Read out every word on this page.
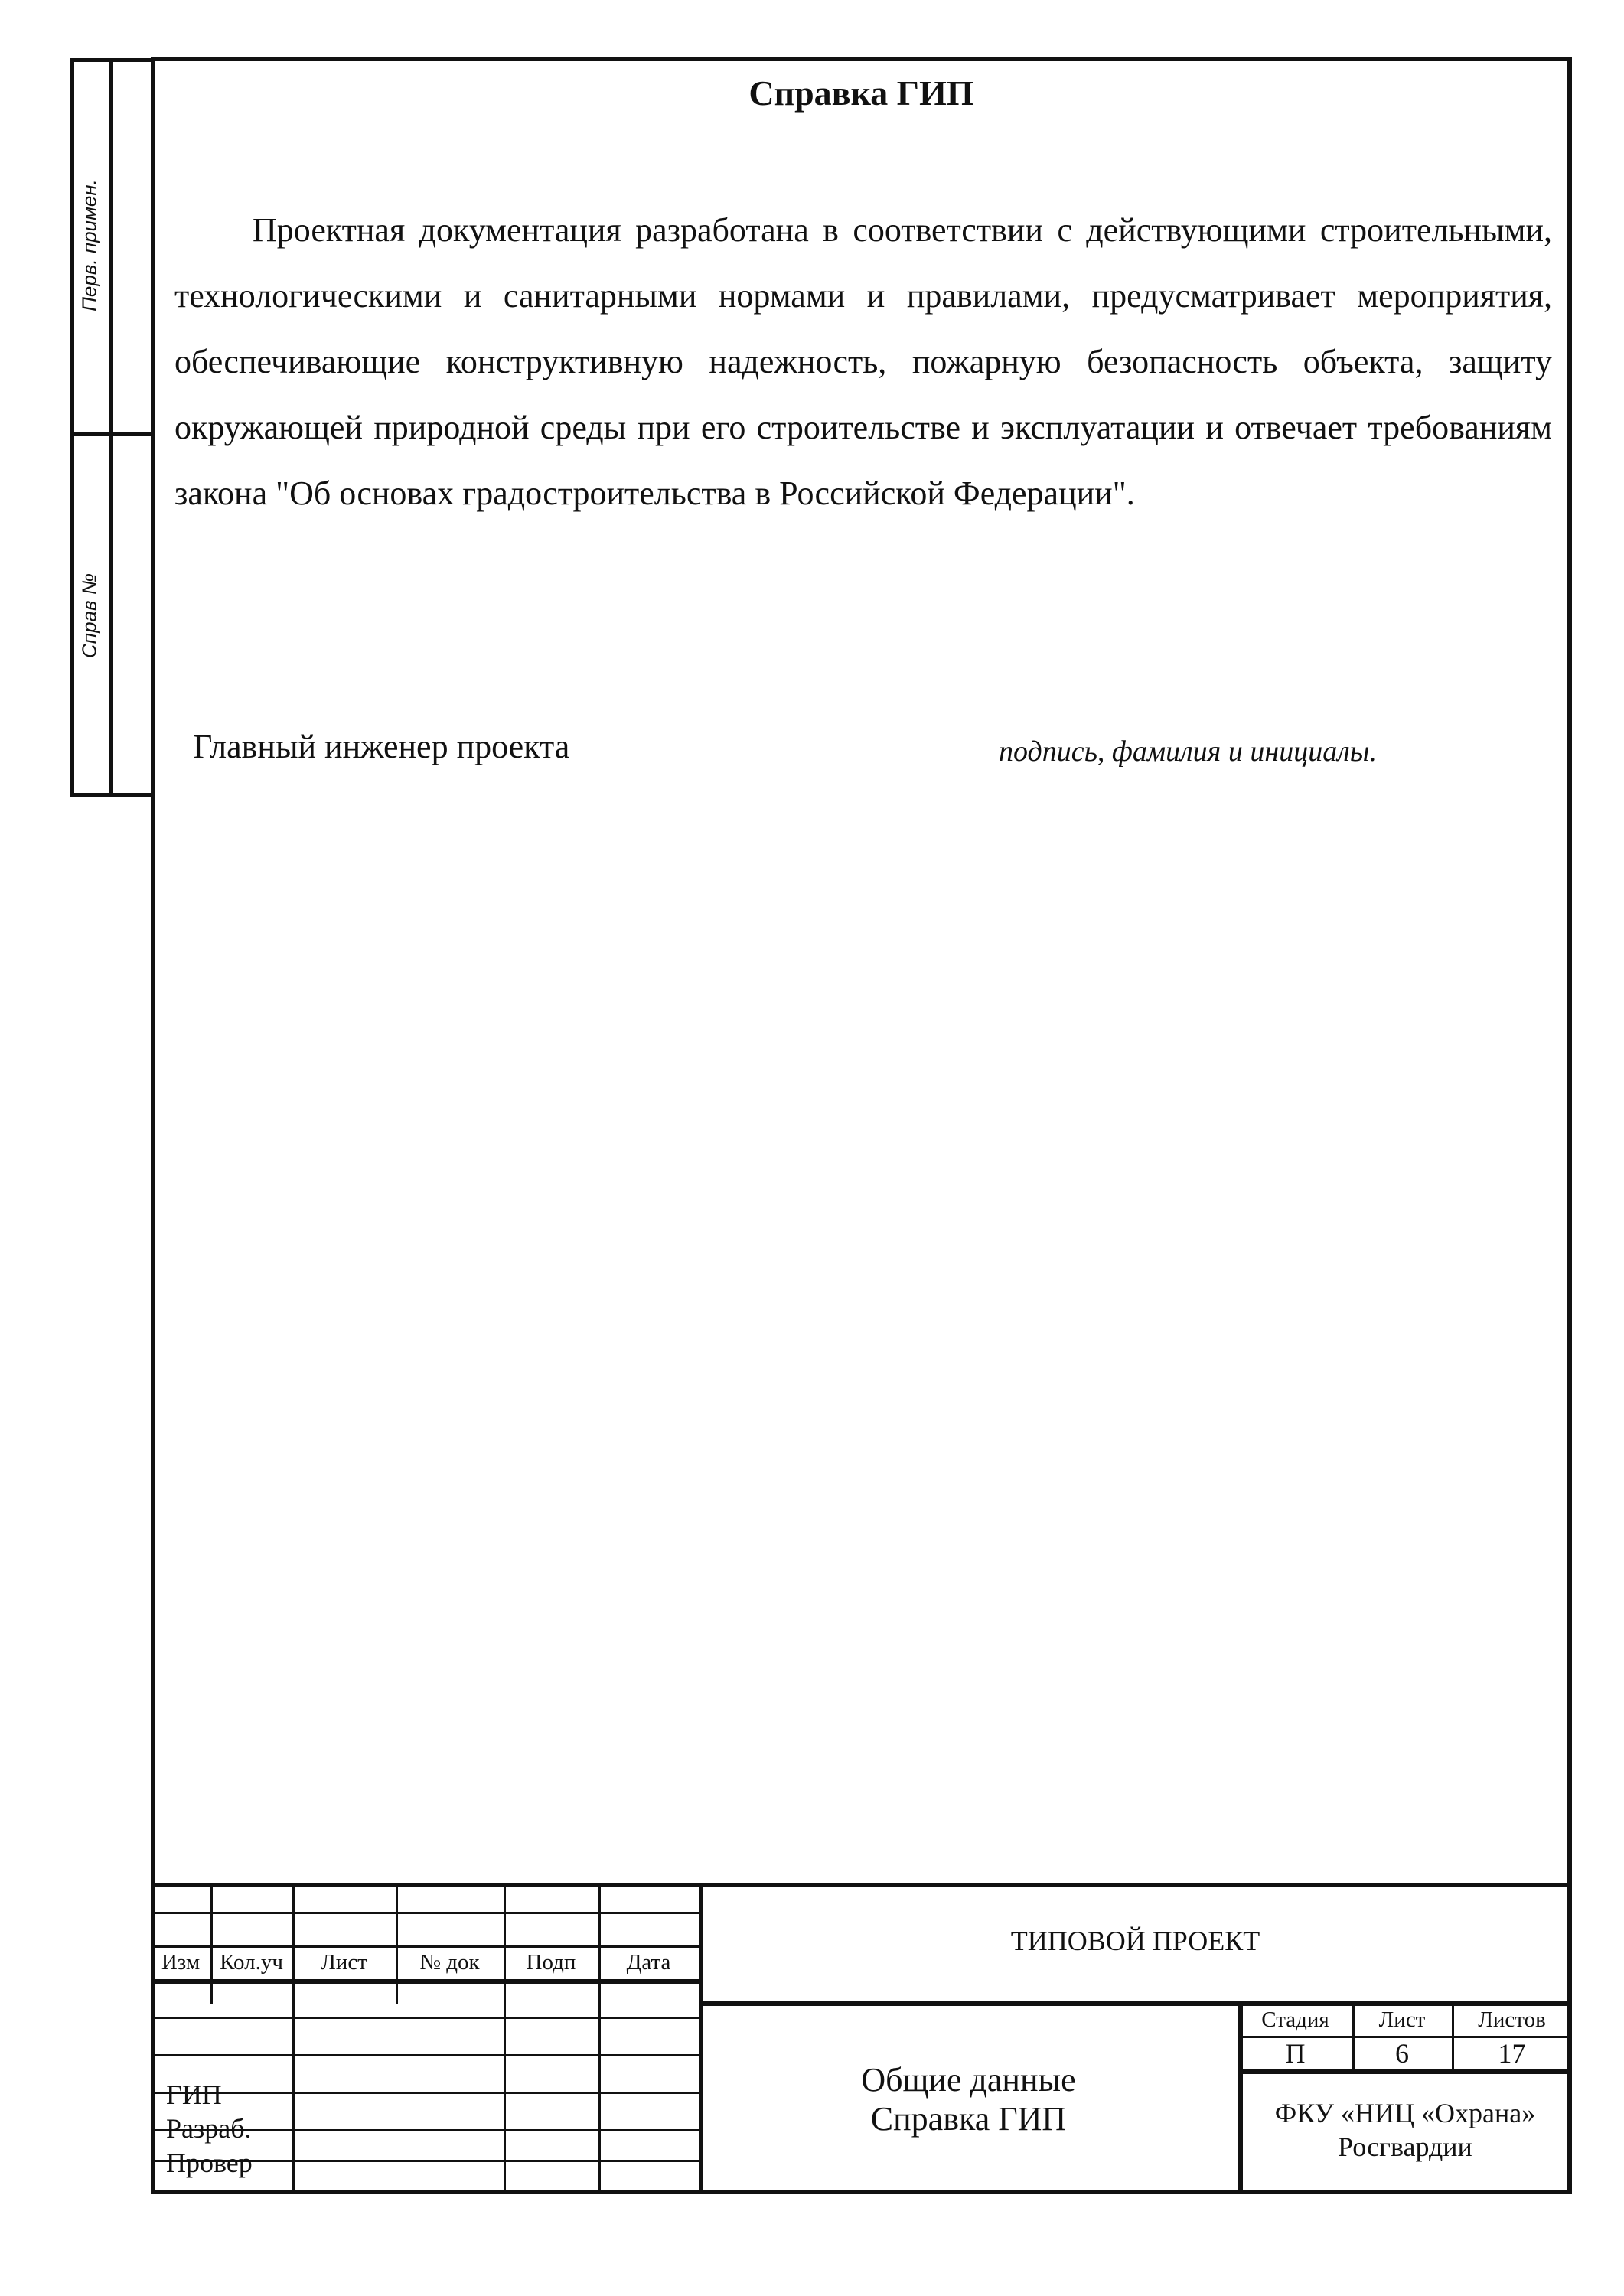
Перв. примен.
Справ №
Справка ГИП
Проектная документация разработана в соответствии с действующими строительными, технологическими и санитарными нормами и правилами, предусматривает мероприятия, обеспечивающие конструктивную надежность, пожарную безопасность объекта, защиту окружающей природной среды при его строительстве и эксплуатации и отвечает требованиям закона "Об основах градостроительства в Российской Федерации".
Главный инженер проекта	подпись, фамилия и инициалы.
Изм Кол.уч	Лист	№ док	Подп	Дата
ГИП
Разраб.
Провер
ТИПОВОЙ ПРОЕКТ
Общие данные
Справка ГИП
Стадия	Лист	Листов
П	6	17
ФКУ «НИЦ «Охрана»
Росгвардии
